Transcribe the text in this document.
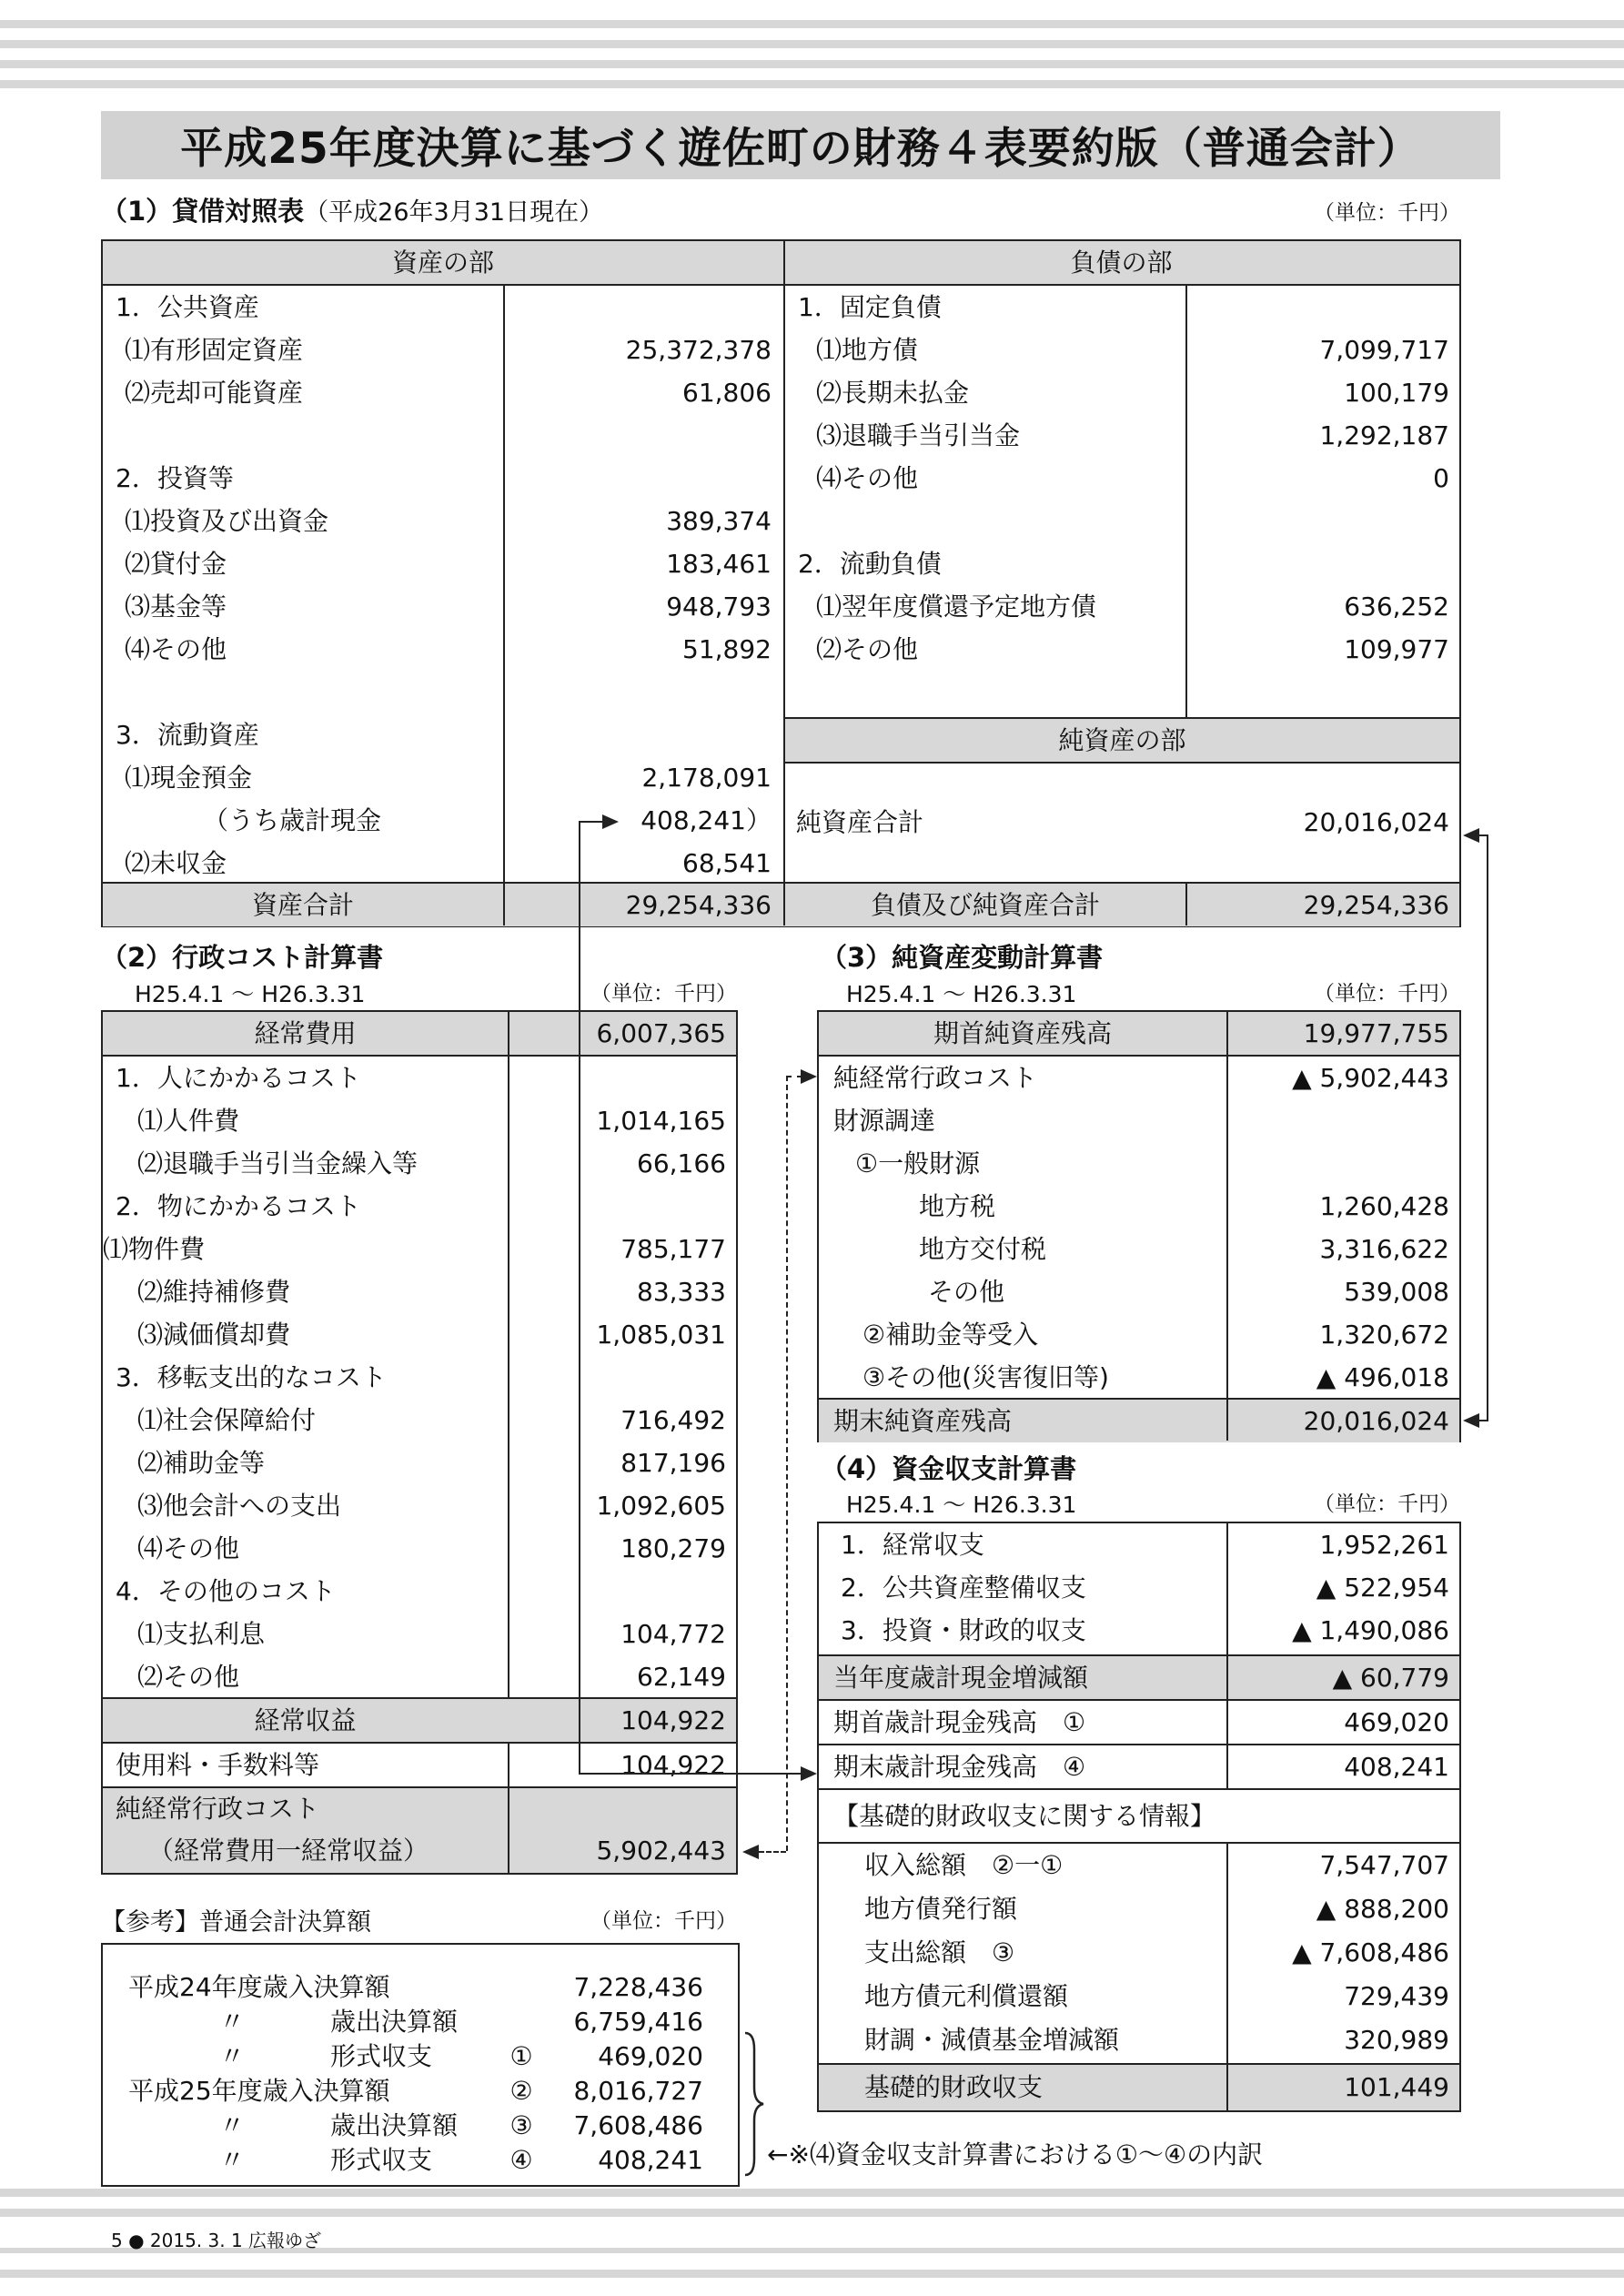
平成25年度決算に基づく遊佐町の財務４表要約版（普通会計）
（1）貸借対照表（平成26年3月31日現在）	（単位：千円）
資産の部	負債の部
1．公共資産
⑴有形固定資産	25,372,378
⑵売却可能資産	61,806
2．投資等
⑴投資及び出資金	389,374
⑵貸付金	183,461
⑶基金等	948,793
⑷その他	51,892
3．流動資産
⑴現金預金	2,178,091
（うち歳計現金	408,241）
⑵未収金	68,541
1．固定負債
⑴地方債	7,099,717
⑵長期未払金	100,179
⑶退職手当引当金	1,292,187
⑷その他	0
2．流動負債
⑴翌年度償還予定地方債	636,252
⑵その他	109,977
純資産の部
純資産合計	20,016,024
資産合計	29,254,336	負債及び純資産合計	29,254,336
（2）行政コスト計算書
H25.4.1 〜 H26.3.31	（単位：千円）
経常費用	6,007,365
1．人にかかるコスト
⑴人件費	1,014,165
⑵退職手当引当金繰入等	66,166
2．物にかかるコスト
⑴物件費	785,177
⑵維持補修費	83,333
⑶減価償却費	1,085,031
3．移転支出的なコスト
⑴社会保障給付	716,492
⑵補助金等	817,196
⑶他会計への支出	1,092,605
⑷その他	180,279
4．その他のコスト
⑴支払利息	104,772
⑵その他	62,149
経常収益	104,922
使用料・手数料等	104,922
純経常行政コスト
（経常費用一経常収益）	5,902,443
（3）純資産変動計算書
H25.4.1 〜 H26.3.31	（単位：千円）
期首純資産残高	19,977,755
純経常行政コスト	▲ 5,902,443
財源調達
①一般財源
地方税	1,260,428
地方交付税	3,316,622
その他	539,008
②補助金等受入	1,320,672
③その他(災害復旧等)	▲ 496,018
期末純資産残高	20,016,024
（4）資金収支計算書
H25.4.1 〜 H26.3.31	（単位：千円）
1．経常収支	1,952,261
2．公共資産整備収支	▲ 522,954
3．投資・財政的収支	▲ 1,490,086
当年度歳計現金増減額	▲ 60,779
期首歳計現金残高　①	469,020
期末歳計現金残高　④	408,241
【基礎的財政収支に関する情報】
収入総額　②一①	7,547,707
地方債発行額	▲ 888,200
支出総額　③	▲ 7,608,486
地方債元利償還額	729,439
財調・減債基金増減額	320,989
基礎的財政収支	101,449
【参考】普通会計決算額	（単位：千円）
平成24年度歳入決算額	7,228,436
〃	歳出決算額	6,759,416
〃	形式収支	①	469,020
平成25年度歳入決算額	②	8,016,727
〃	歳出決算額	③	7,608,486
〃	形式収支	④	408,241	←※⑷資金収支計算書における①〜④の内訳
5 ● 2015. 3. 1 広報ゆざ
